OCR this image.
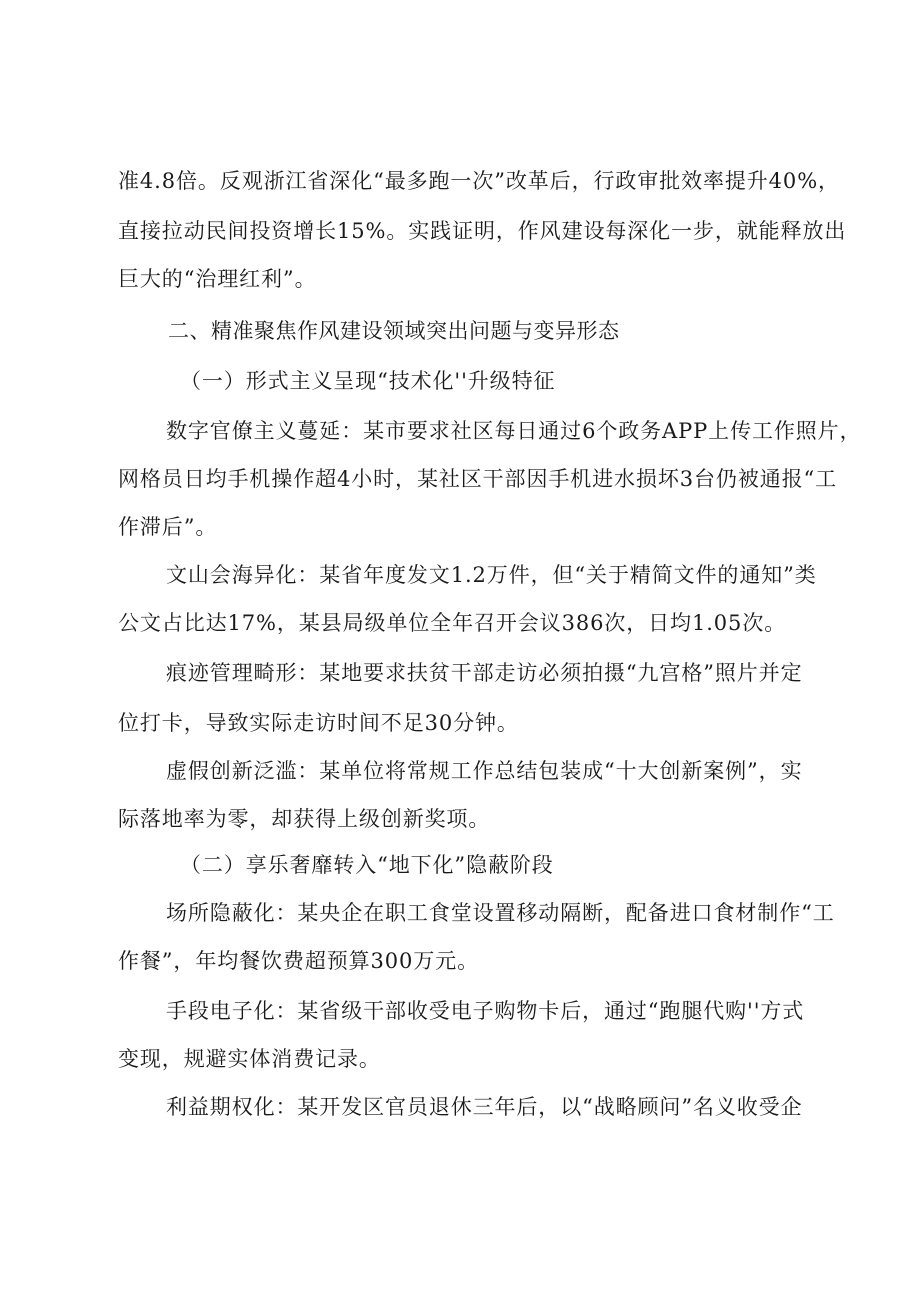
准4.8倍。反观浙江省深化“最多跑一次”改革后，行政审批效率提升40%，
直接拉动民间投资增长15%。实践证明，作风建设每深化一步，就能释放出
巨大的“治理红利”。
二、精准聚焦作风建设领域突出问题与变异形态
（一）形式主义呈现“技术化''升级特征
数字官僚主义蔓延：某市要求社区每日通过6个政务APP上传工作照片，
网格员日均手机操作超4小时，某社区干部因手机进水损坏3台仍被通报“工
作滞后”。
文山会海异化：某省年度发文1.2万件，但“关于精简文件的通知”类
公文占比达17%，某县局级单位全年召开会议386次，日均1.05次。
痕迹管理畸形：某地要求扶贫干部走访必须拍摄“九宫格”照片并定
位打卡，导致实际走访时间不足30分钟。
虚假创新泛滥：某单位将常规工作总结包装成“十大创新案例”，实
际落地率为零，却获得上级创新奖项。
（二）享乐奢靡转入“地下化”隐蔽阶段
场所隐蔽化：某央企在职工食堂设置移动隔断，配备进口食材制作“工
作餐”，年均餐饮费超预算300万元。
手段电子化：某省级干部收受电子购物卡后，通过“跑腿代购''方式
变现，规避实体消费记录。
利益期权化：某开发区官员退休三年后，以“战略顾问”名义收受企
